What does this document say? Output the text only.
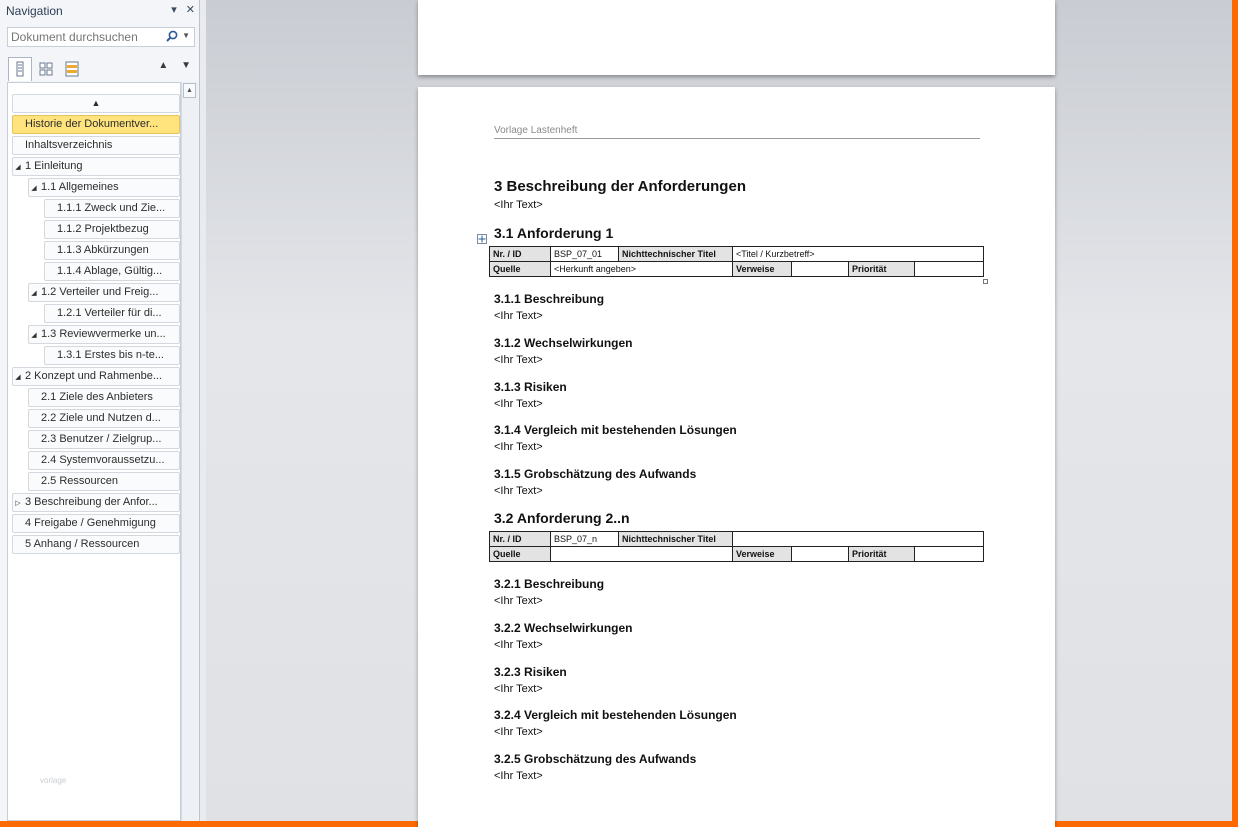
Navigation	▾ ✕
Dokument durchsuchen
▼
▲ ▼
▲
Historie der Dokumentver...
Inhaltsverzeichnis
◢ 1 Einleitung
◢ 1.1 Allgemeines
1.1.1 Zweck und Zie...
1.1.2 Projektbezug
1.1.3 Abkürzungen
1.1.4 Ablage, Gültig...
◢ 1.2 Verteiler und Freig...
1.2.1 Verteiler für di...
◢ 1.3 Reviewvermerke un...
1.3.1 Erstes bis n-te...
◢ 2 Konzept und Rahmenbe...
2.1 Ziele des Anbieters
2.2 Ziele und Nutzen d...
2.3 Benutzer / Zielgrup...
2.4 Systemvoraussetzu...
2.5 Ressourcen
▷ 3 Beschreibung der Anfor...
4 Freigabe / Genehmigung
5 Anhang / Ressourcen
▲
vorlage
Vorlage Lastenheft
3 Beschreibung der Anforderungen
<Ihr Text>
3.1 Anforderung 1
Nr. / ID	BSP_07_01	Nichttechnischer Titel	<Titel / Kurzbetreff>		
Quelle	<Herkunft angeben>		Verweise	Priorität	
3.1.1 Beschreibung
<Ihr Text>
3.1.2 Wechselwirkungen
<Ihr Text>
3.1.3 Risiken
<Ihr Text>
3.1.4 Vergleich mit bestehenden Lösungen
<Ihr Text>
3.1.5 Grobschätzung des Aufwands
<Ihr Text>
3.2 Anforderung 2..n
Nr. / ID	BSP_07_n	Nichttechnischer Titel			
Quelle			Verweise	Priorität	
3.2.1 Beschreibung
<Ihr Text>
3.2.2 Wechselwirkungen
<Ihr Text>
3.2.3 Risiken
<Ihr Text>
3.2.4 Vergleich mit bestehenden Lösungen
<Ihr Text>
3.2.5 Grobschätzung des Aufwands
<Ihr Text>
